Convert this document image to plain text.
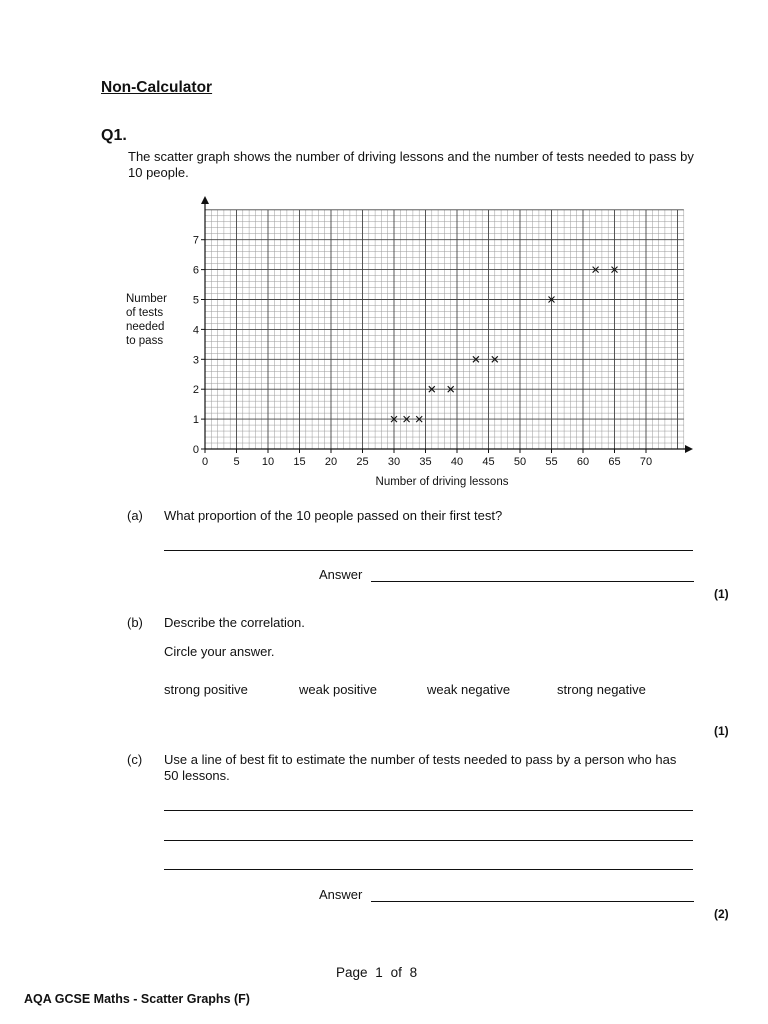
Non-Calculator
Q1.
The scatter graph shows the number of driving lessons and the number of tests needed to pass by 10 people.
0 5 10 15 20 25 30 35 40 45 50 55 60 65 70
0
1
2
3
4
5
6
7
Number
of tests
needed
to pass
Number of driving lessons
(a) What proportion of the 10 people passed on their first test?
Answer
(1)
(b) Describe the correlation.
Circle your answer.
strong positive	weak positive	weak negative	strong negative
(1)
(c) Use a line of best fit to estimate the number of tests needed to pass by a person who has 50 lessons.
Answer
(2)
Page 1 of 8
AQA GCSE Maths - Scatter Graphs (F)
